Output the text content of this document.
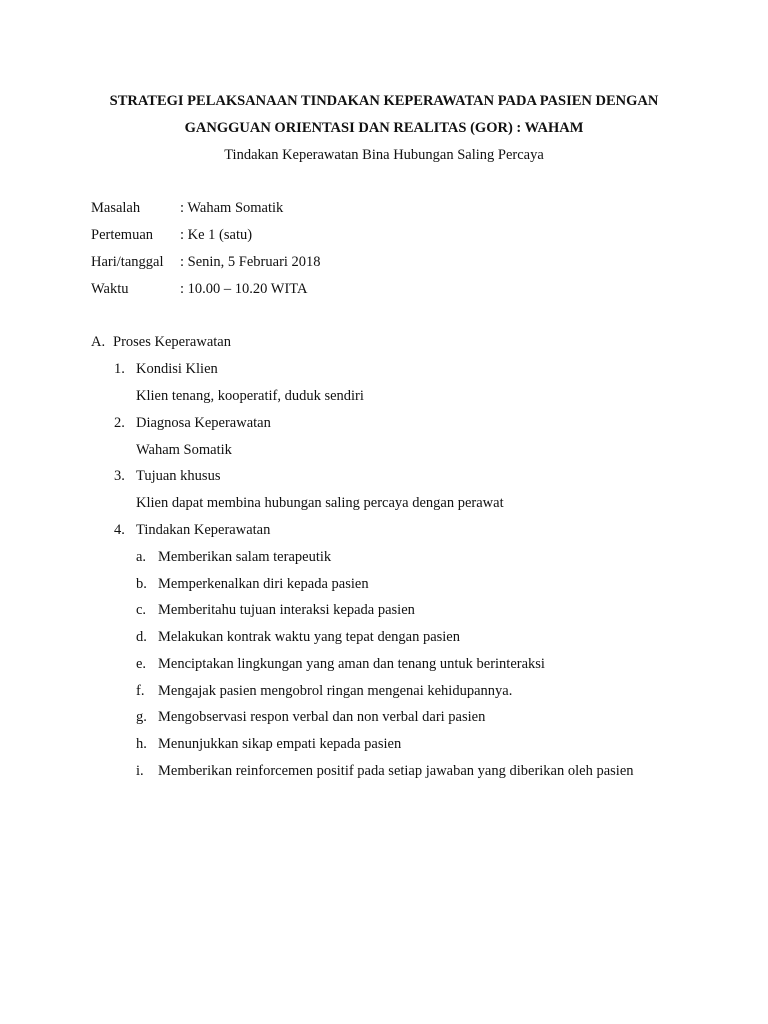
STRATEGI PELAKSANAAN TINDAKAN KEPERAWATAN PADA PASIEN DENGAN
GANGGUAN ORIENTASI DAN REALITAS (GOR) : WAHAM
Tindakan Keperawatan Bina Hubungan Saling Percaya
Masalah	: Waham Somatik
Pertemuan : Ke 1 (satu)
Hari/tanggal : Senin, 5 Februari 2018
Waktu	: 10.00 – 10.20 WITA
A. Proses Keperawatan
1. Kondisi Klien
Klien tenang, kooperatif, duduk sendiri
2. Diagnosa Keperawatan
Waham Somatik
3. Tujuan khusus
Klien dapat membina hubungan saling percaya dengan perawat
4. Tindakan Keperawatan
a. Memberikan salam terapeutik
b. Memperkenalkan diri kepada pasien
c. Memberitahu tujuan interaksi kepada pasien
d. Melakukan kontrak waktu yang tepat dengan pasien
e. Menciptakan lingkungan yang aman dan tenang untuk berinteraksi
f. Mengajak pasien mengobrol ringan mengenai kehidupannya.
g. Mengobservasi respon verbal dan non verbal dari pasien
h. Menunjukkan sikap empati kepada pasien
i. Memberikan reinforcemen positif pada setiap jawaban yang diberikan oleh pasien
